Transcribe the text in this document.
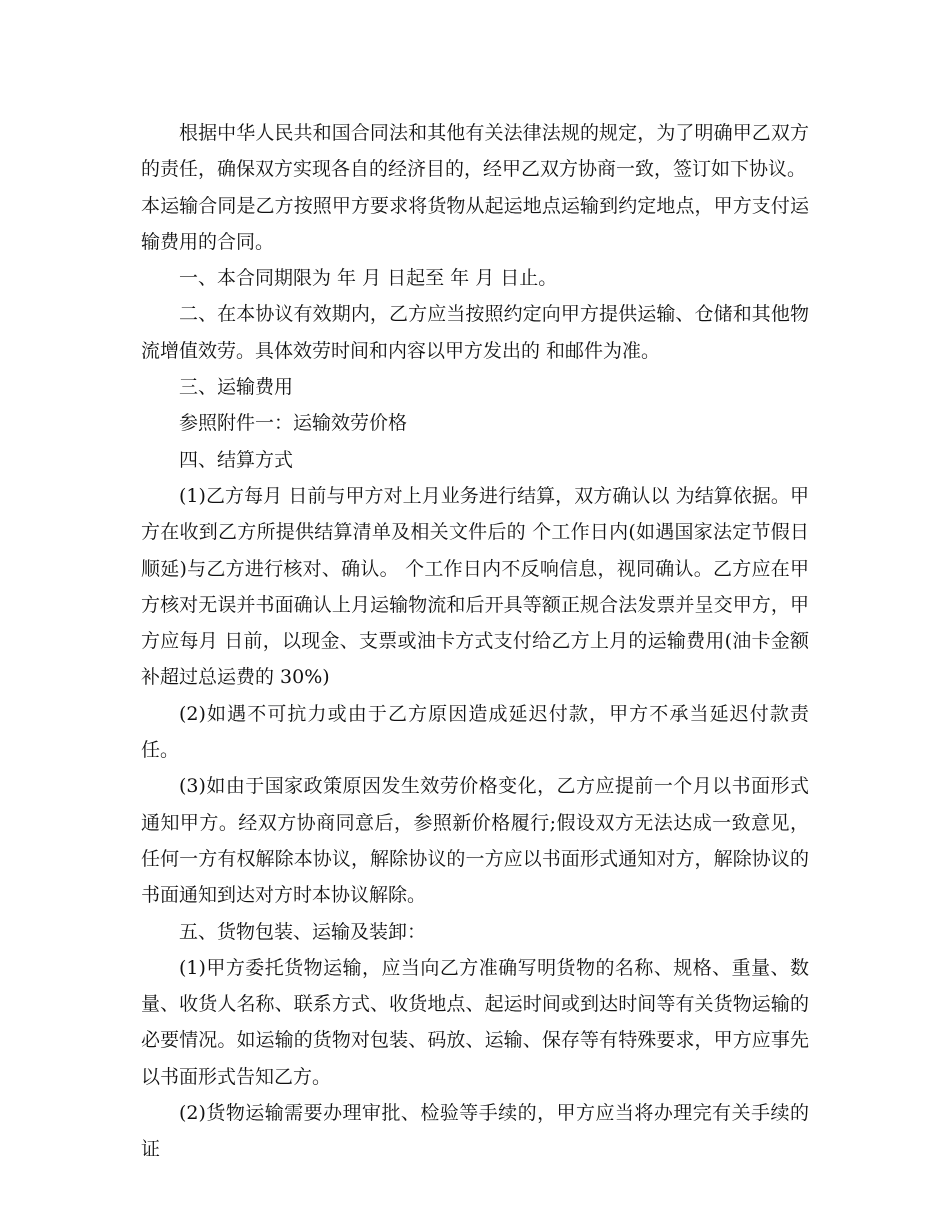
根据中华人民共和国合同法和其他有关法律法规的规定，为了明确甲乙双方的责任，确保双方实现各自的经济目的，经甲乙双方协商一致，签订如下协议。

本运输合同是乙方按照甲方要求将货物从起运地点运输到约定地点，甲方支付运输费用的合同。

一、本合同期限为 年 月 日起至 年 月 日止。

二、在本协议有效期内，乙方应当按照约定向甲方提供运输、仓储和其他物流增值效劳。具体效劳时间和内容以甲方发出的 和邮件为准。

三、运输费用

参照附件一：运输效劳价格

四、结算方式

(1)乙方每月 日前与甲方对上月业务进行结算，双方确认以 为结算依据。甲方在收到乙方所提供结算清单及相关文件后的 个工作日内(如遇国家法定节假日顺延)与乙方进行核对、确认。 个工作日内不反响信息，视同确认。乙方应在甲方核对无误并书面确认上月运输物流和后开具等额正规合法发票并呈交甲方，甲方应每月 日前，以现金、支票或油卡方式支付给乙方上月的运输费用(油卡金额补超过总运费的 30%)

(2)如遇不可抗力或由于乙方原因造成延迟付款，甲方不承当延迟付款责任。

(3)如由于国家政策原因发生效劳价格变化，乙方应提前一个月以书面形式通知甲方。经双方协商同意后，参照新价格履行;假设双方无法达成一致意见，任何一方有权解除本协议，解除协议的一方应以书面形式通知对方，解除协议的书面通知到达对方时本协议解除。

五、货物包装、运输及装卸：

(1)甲方委托货物运输，应当向乙方准确写明货物的名称、规格、重量、数量、收货人名称、联系方式、收货地点、起运时间或到达时间等有关货物运输的必要情况。如运输的货物对包装、码放、运输、保存等有特殊要求，甲方应事先以书面形式告知乙方。

(2)货物运输需要办理审批、检验等手续的，甲方应当将办理完有关手续的证
